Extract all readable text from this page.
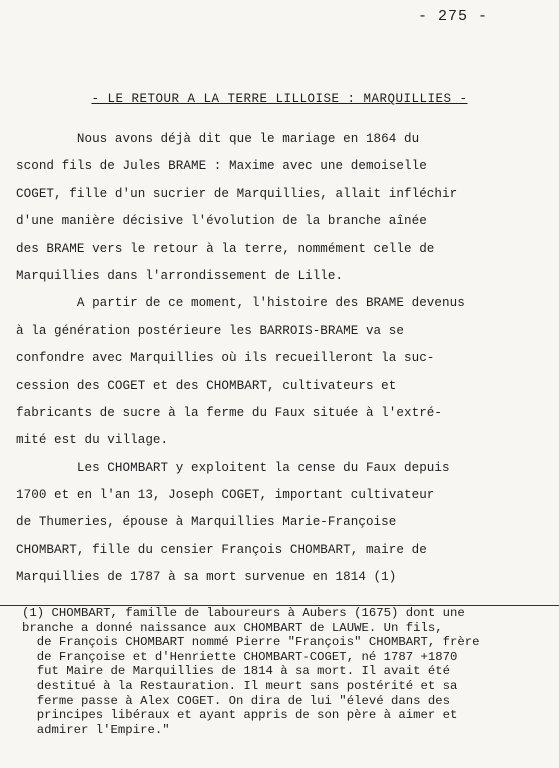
- 275 -
- LE RETOUR A LA TERRE LILLOISE : MARQUILLIES -
Nous avons déjà dit que le mariage en 1864 du
scond fils de Jules BRAME : Maxime avec une demoiselle
COGET, fille d'un sucrier de Marquillies, allait infléchir
d'une manière décisive l'évolution de la branche aînée
des BRAME vers le retour à la terre, nommément celle de
Marquillies dans l'arrondissement de Lille.
A partir de ce moment, l'histoire des BRAME devenus
à la génération postérieure les BARROIS-BRAME va se
confondre avec Marquillies où ils recueilleront la suc-
cession des COGET et des CHOMBART, cultivateurs et
fabricants de sucre à la ferme du Faux située à l'extré-
mité est du village.
Les CHOMBART y exploitent la cense du Faux depuis
1700 et en l'an 13, Joseph COGET, important cultivateur
de Thumeries, épouse à Marquillies Marie-Françoise
CHOMBART, fille du censier François CHOMBART, maire de
Marquillies de 1787 à sa mort survenue en 1814 (1)
(1) CHOMBART, famille de laboureurs à Aubers (1675) dont une
branche a donné naissance aux CHOMBART de LAUWE. Un fils,
de François CHOMBART nommé Pierre "François" CHOMBART, frère
de Françoise et d'Henriette CHOMBART-COGET, né 1787 +1870
fut Maire de Marquillies de 1814 à sa mort. Il avait été
destitué à la Restauration. Il meurt sans postérité et sa
ferme passe à Alex COGET. On dira de lui "élevé dans des
principes libéraux et ayant appris de son père à aimer et
admirer l'Empire."
